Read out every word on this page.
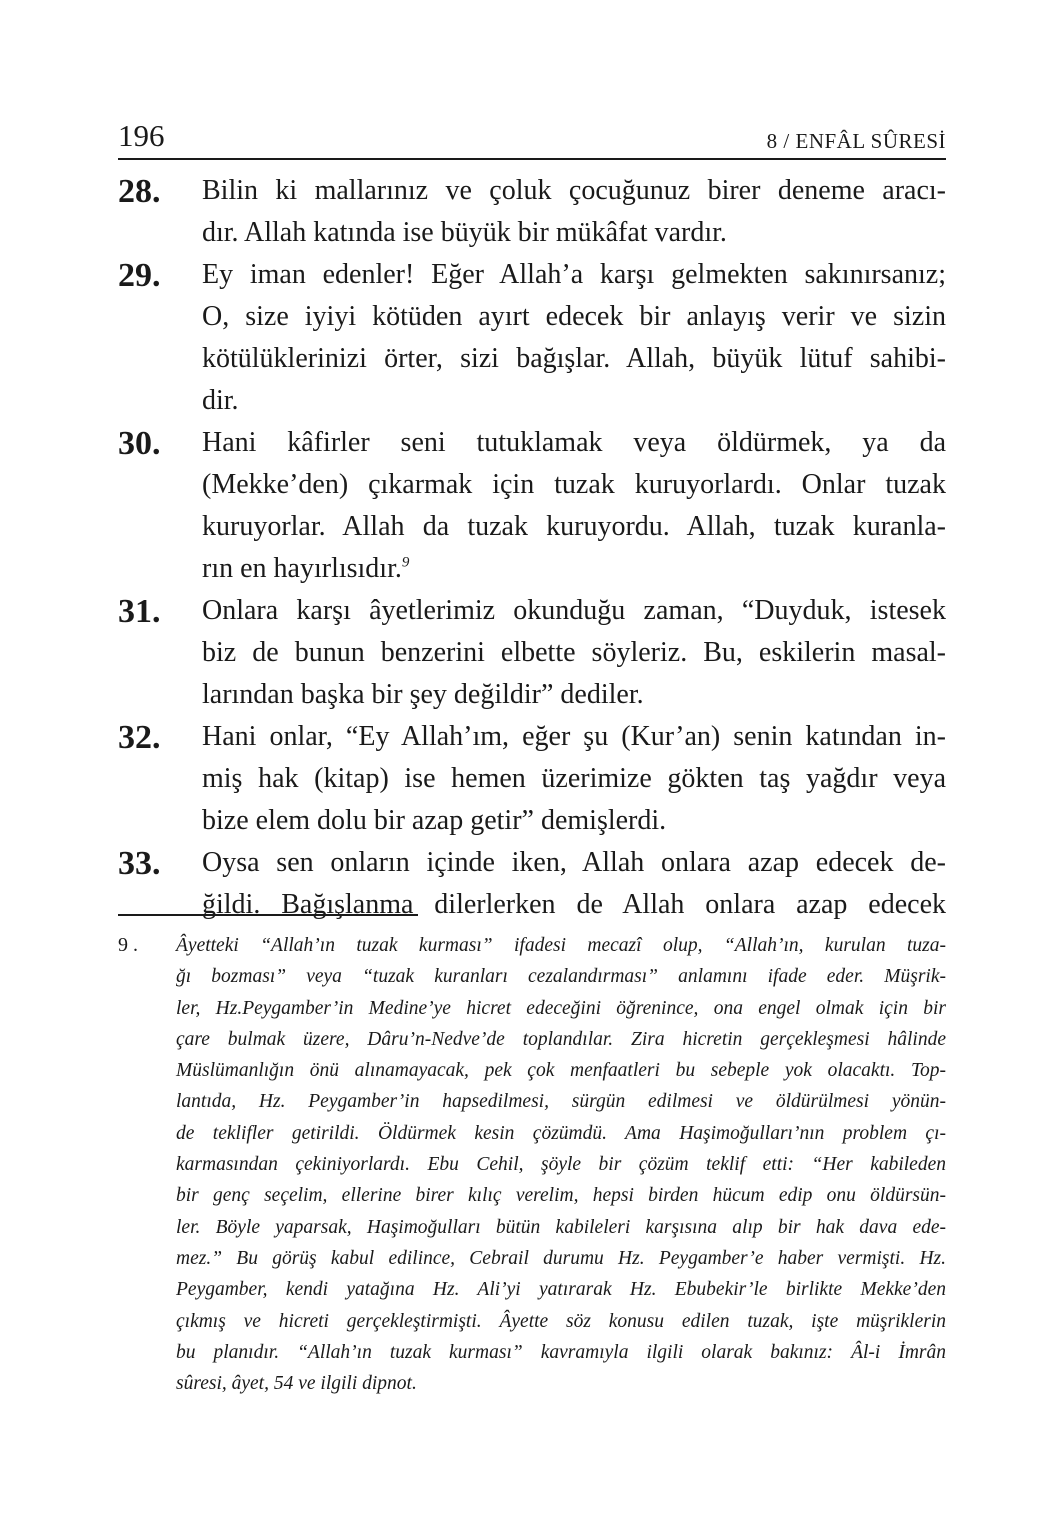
196	8 / ENFÂL SÛRESİ
28.	Bilin ki mallarınız ve çoluk çocuğunuz birer deneme aracı-
dır. Allah katında ise büyük bir mükâfat vardır.
29.	Ey iman edenler! Eğer Allah’a karşı gelmekten sakınırsanız;
O, size iyiyi kötüden ayırt edecek bir anlayış verir ve sizin
kötülüklerinizi örter, sizi bağışlar. Allah, büyük lütuf sahibi-
dir.
30.	Hani kâfirler seni tutuklamak veya öldürmek, ya da
(Mekke’den) çıkarmak için tuzak kuruyorlardı. Onlar tuzak
kuruyorlar. Allah da tuzak kuruyordu. Allah, tuzak kuranla-
rın en hayırlısıdır.$^9$
31.	Onlara karşı âyetlerimiz okunduğu zaman, “Duyduk, istesek
biz de bunun benzerini elbette söyleriz. Bu, eskilerin masal-
larından başka bir şey değildir” dediler.
32.	Hani onlar, “Ey Allah’ım, eğer şu (Kur’an) senin katından in-
miş hak (kitap) ise hemen üzerimize gökten taş yağdır veya
bize elem dolu bir azap getir” demişlerdi.
33.	Oysa sen onların içinde iken, Allah onlara azap edecek de-
ğildi. Bağışlanma dilerlerken de Allah onlara azap edecek
9 .	Âyetteki “Allah’ın tuzak kurması” ifadesi mecazî olup, “Allah’ın, kurulan tuza-
ğı bozması” veya “tuzak kuranları cezalandırması” anlamını ifade eder. Müşrik-
ler, Hz.Peygamber’in Medine’ye hicret edeceğini öğrenince, ona engel olmak için bir
çare bulmak üzere, Dâru’n-Nedve’de toplandılar. Zira hicretin gerçekleşmesi hâlinde
Müslümanlığın önü alınamayacak, pek çok menfaatleri bu sebeple yok olacaktı. Top-
lantıda, Hz. Peygamber’in hapsedilmesi, sürgün edilmesi ve öldürülmesi yönün-
de teklifler getirildi. Öldürmek kesin çözümdü. Ama Haşimoğulları’nın problem çı-
karmasından çekiniyorlardı. Ebu Cehil, şöyle bir çözüm teklif etti: “Her kabileden
bir genç seçelim, ellerine birer kılıç verelim, hepsi birden hücum edip onu öldürsün-
ler. Böyle yaparsak, Haşimoğulları bütün kabileleri karşısına alıp bir hak dava ede-
mez.” Bu görüş kabul edilince, Cebrail durumu Hz. Peygamber’e haber vermişti. Hz.
Peygamber, kendi yatağına Hz. Ali’yi yatırarak Hz. Ebubekir’le birlikte Mekke’den
çıkmış ve hicreti gerçekleştirmişti. Âyette söz konusu edilen tuzak, işte müşriklerin
bu planıdır. “Allah’ın tuzak kurması” kavramıyla ilgili olarak bakınız: Âl-i İmrân
sûresi, âyet, 54 ve ilgili dipnot.
